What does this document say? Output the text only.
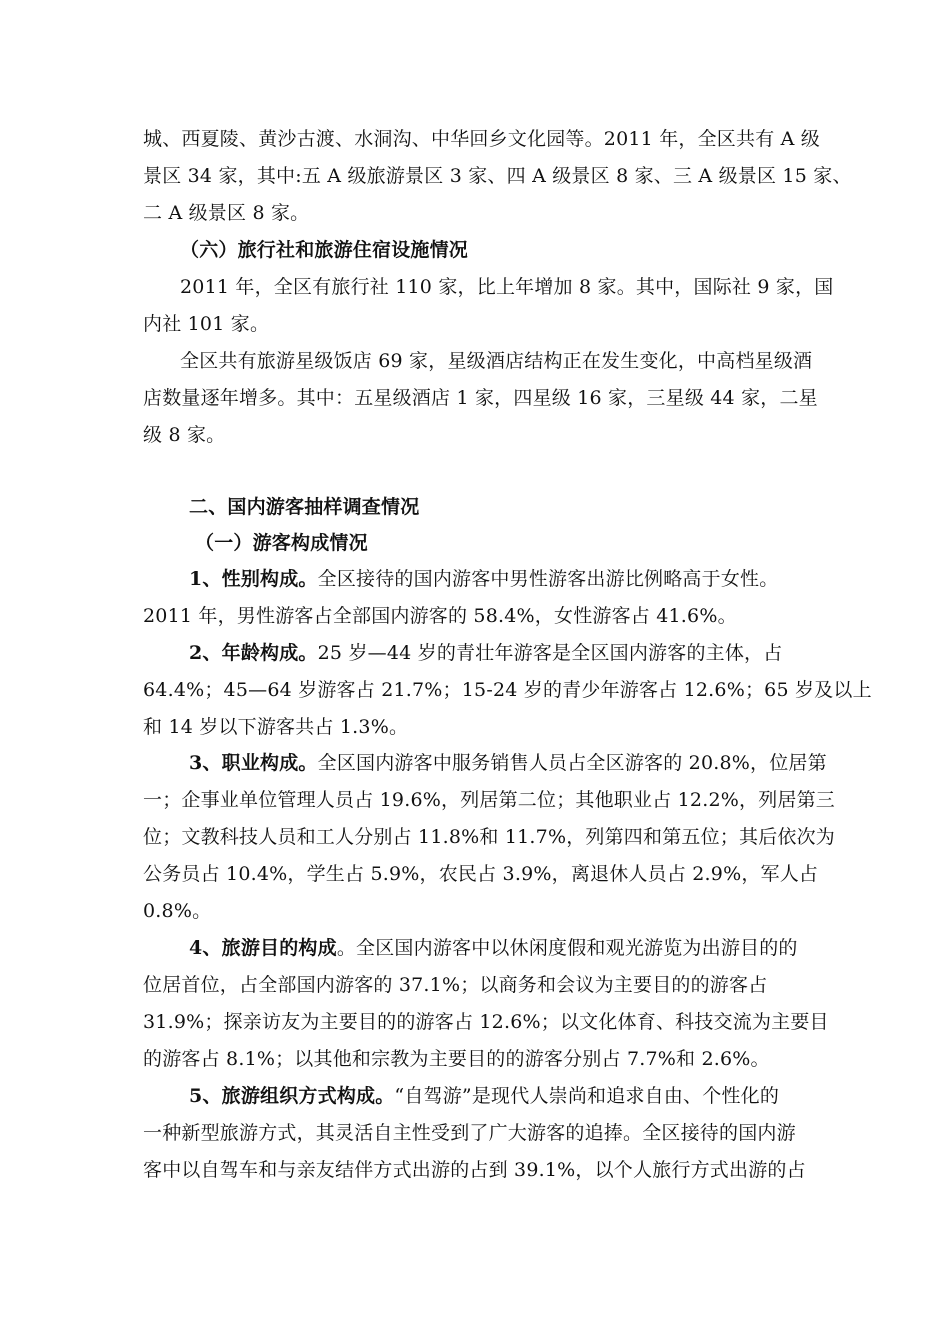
城、西夏陵、黄沙古渡、水洞沟、中华回乡文化园等。2011 年，全区共有 A 级
景区 34 家，其中:五 A 级旅游景区 3 家、四 A 级景区 8 家、三 A 级景区 15 家、
二 A 级景区 8 家。
（六）旅行社和旅游住宿设施情况
2011 年，全区有旅行社 110 家，比上年增加 8 家。其中，国际社 9 家，国
内社 101 家。
全区共有旅游星级饭店 69 家，星级酒店结构正在发生变化，中高档星级酒
店数量逐年增多。其中：五星级酒店 1 家，四星级 16 家，三星级 44 家，二星
级 8 家。
二、国内游客抽样调查情况
（一）游客构成情况
1、性别构成。全区接待的国内游客中男性游客出游比例略高于女性。
2011 年，男性游客占全部国内游客的 58.4%，女性游客占 41.6%。
2、年龄构成。25 岁—44 岁的青壮年游客是全区国内游客的主体，占
64.4%；45—64 岁游客占 21.7%；15-24 岁的青少年游客占 12.6%；65 岁及以上
和 14 岁以下游客共占 1.3%。
3、职业构成。全区国内游客中服务销售人员占全区游客的 20.8%，位居第
一；企事业单位管理人员占 19.6%，列居第二位；其他职业占 12.2%，列居第三
位；文教科技人员和工人分别占 11.8%和 11.7%，列第四和第五位；其后依次为
公务员占 10.4%，学生占 5.9%，农民占 3.9%，离退休人员占 2.9%，军人占
0.8%。
4、旅游目的构成。全区国内游客中以休闲度假和观光游览为出游目的的
位居首位，占全部国内游客的 37.1%；以商务和会议为主要目的的游客占
31.9%；探亲访友为主要目的的游客占 12.6%；以文化体育、科技交流为主要目
的游客占 8.1%；以其他和宗教为主要目的的游客分别占 7.7%和 2.6%。
5、旅游组织方式构成。“自驾游”是现代人崇尚和追求自由、个性化的
一种新型旅游方式，其灵活自主性受到了广大游客的追捧。全区接待的国内游
客中以自驾车和与亲友结伴方式出游的占到 39.1%，以个人旅行方式出游的占
